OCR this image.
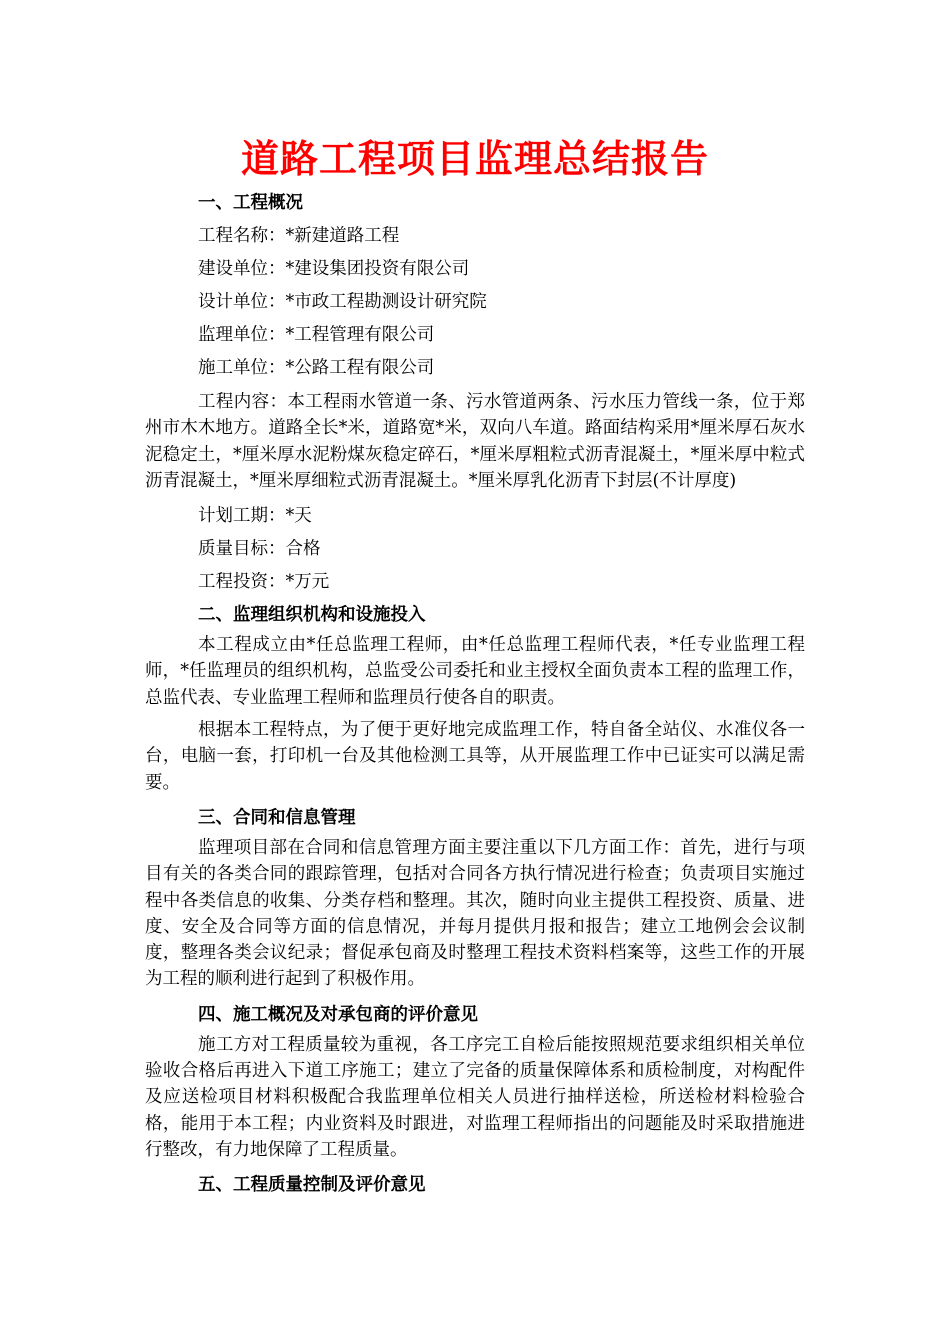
道路工程项目监理总结报告

一、工程概况

工程名称：*新建道路工程

建设单位：*建设集团投资有限公司

设计单位：*市政工程勘测设计研究院

监理单位：*工程管理有限公司

施工单位：*公路工程有限公司

工程内容：本工程雨水管道一条、污水管道两条、污水压力管线一条，位于郑州市木木地方。道路全长*米，道路宽*米，双向八车道。路面结构采用*厘米厚石灰水泥稳定土，*厘米厚水泥粉煤灰稳定碎石，*厘米厚粗粒式沥青混凝土，*厘米厚中粒式沥青混凝土，*厘米厚细粒式沥青混凝土。*厘米厚乳化沥青下封层(不计厚度)

计划工期：*天

质量目标：合格

工程投资：*万元

二、监理组织机构和设施投入

本工程成立由*任总监理工程师，由*任总监理工程师代表，*任专业监理工程师，*任监理员的组织机构，总监受公司委托和业主授权全面负责本工程的监理工作，总监代表、专业监理工程师和监理员行使各自的职责。

根据本工程特点，为了便于更好地完成监理工作，特自备全站仪、水准仪各一台，电脑一套，打印机一台及其他检测工具等，从开展监理工作中已证实可以满足需要。

三、合同和信息管理

监理项目部在合同和信息管理方面主要注重以下几方面工作：首先，进行与项目有关的各类合同的跟踪管理，包括对合同各方执行情况进行检查；负责项目实施过程中各类信息的收集、分类存档和整理。其次，随时向业主提供工程投资、质量、进度、安全及合同等方面的信息情况，并每月提供月报和报告；建立工地例会会议制度，整理各类会议纪录；督促承包商及时整理工程技术资料档案等，这些工作的开展为工程的顺利进行起到了积极作用。

四、施工概况及对承包商的评价意见

施工方对工程质量较为重视，各工序完工自检后能按照规范要求组织相关单位验收合格后再进入下道工序施工；建立了完备的质量保障体系和质检制度，对构配件及应送检项目材料积极配合我监理单位相关人员进行抽样送检，所送检材料检验合格，能用于本工程；内业资料及时跟进，对监理工程师指出的问题能及时采取措施进行整改，有力地保障了工程质量。

五、工程质量控制及评价意见
